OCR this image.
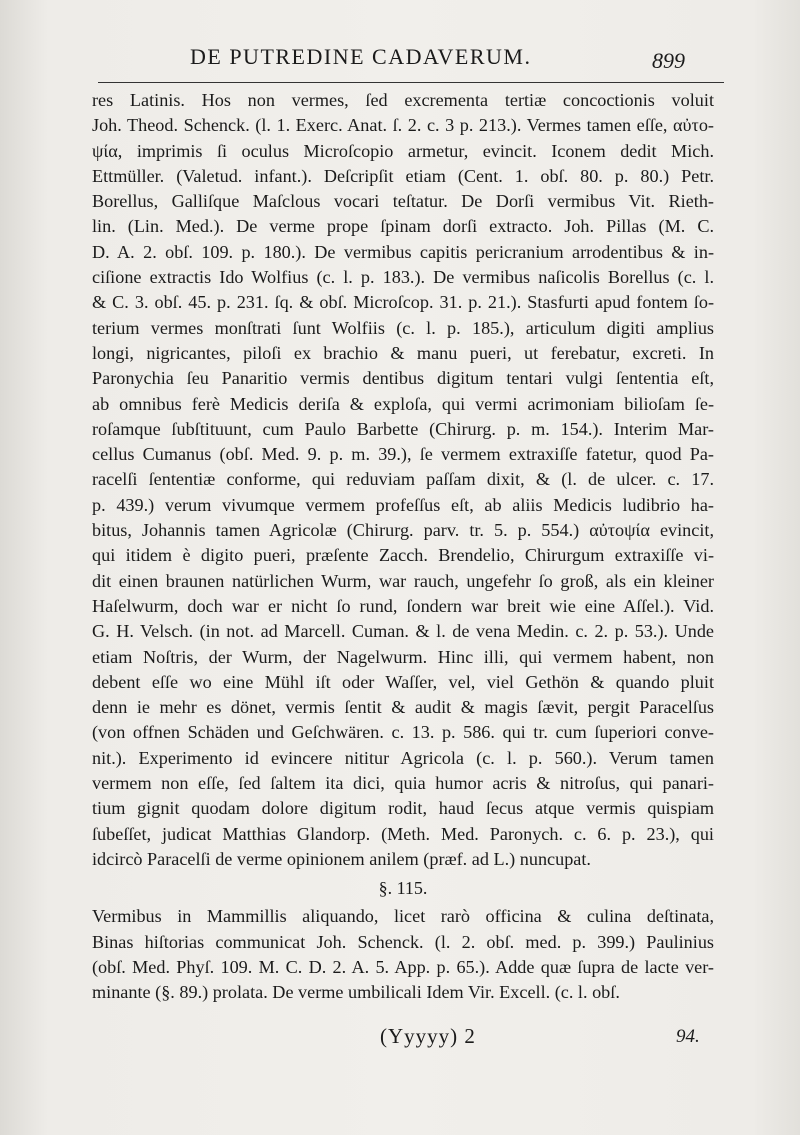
DE PUTREDINE CADAVERUM.	899
res Latinis. Hos non vermes, ſed excrementa tertiæ concoctionis voluit
Joh. Theod. Schenck. (l. 1. Exerc. Anat. ſ. 2. c. 3 p. 213.). Vermes tamen eſſe, αὐτο-
ψία, imprimis ſi oculus Microſcopio armetur, evincit. Iconem dedit Mich.
Ettmüller. (Valetud. infant.). Deſcripſit etiam (Cent. 1. obſ. 80. p. 80.) Petr.
Borellus, Galliſque Maſclous vocari teſtatur. De Dorſi vermibus Vit. Rieth-
lin. (Lin. Med.). De verme prope ſpinam dorſi extracto. Joh. Pillas (M. C.
D. A. 2. obſ. 109. p. 180.). De vermibus capitis pericranium arrodentibus & in-
ciſione extractis Ido Wolfius (c. l. p. 183.). De vermibus naſicolis Borellus (c. l.
& C. 3. obſ. 45. p. 231. ſq. & obſ. Microſcop. 31. p. 21.). Stasfurti apud fontem ſo-
terium vermes monſtrati ſunt Wolfiis (c. l. p. 185.), articulum digiti amplius
longi, nigricantes, piloſi ex brachio & manu pueri, ut ferebatur, excreti. In
Paronychia ſeu Panaritio vermis dentibus digitum tentari vulgi ſententia eſt,
ab omnibus ferè Medicis deriſa & exploſa, qui vermi acrimoniam bilioſam ſe-
roſamque ſubſtituunt, cum Paulo Barbette (Chirurg. p. m. 154.). Interim Mar-
cellus Cumanus (obſ. Med. 9. p. m. 39.), ſe vermem extraxiſſe fatetur, quod Pa-
racelſi ſententiæ conforme, qui reduviam paſſam dixit, & (l. de ulcer. c. 17.
p. 439.) verum vivumque vermem profeſſus eſt, ab aliis Medicis ludibrio ha-
bitus, Johannis tamen Agricolæ (Chirurg. parv. tr. 5. p. 554.) αὐτοψία evincit,
qui itidem è digito pueri, præſente Zacch. Brendelio, Chirurgum extraxiſſe vi-
dit einen braunen natürlichen Wurm, war rauch, ungefehr ſo groß, als ein kleiner
Haſelwurm, doch war er nicht ſo rund, ſondern war breit wie eine Aſſel.). Vid.
G. H. Velsch. (in not. ad Marcell. Cuman. & l. de vena Medin. c. 2. p. 53.). Unde
etiam Noſtris, der Wurm, der Nagelwurm. Hinc illi, qui vermem habent, non
debent eſſe wo eine Mühl iſt oder Waſſer, vel, viel Gethön & quando pluit
denn ie mehr es dönet, vermis ſentit & audit & magis ſævit, pergit Paracelſus
(von offnen Schäden und Geſchwären. c. 13. p. 586. qui tr. cum ſuperiori conve-
nit.). Experimento id evincere nititur Agricola (c. l. p. 560.). Verum tamen
vermem non eſſe, ſed ſaltem ita dici, quia humor acris & nitroſus, qui panari-
tium gignit quodam dolore digitum rodit, haud ſecus atque vermis quispiam
ſubeſſet, judicat Matthias Glandorp. (Meth. Med. Paronych. c. 6. p. 23.), qui
idcircò Paracelſi de verme opinionem anilem (præf. ad L.) nuncupat.
§. 115.
Vermibus in Mammillis aliquando, licet rarò officina & culina deſtinata,
Binas hiſtorias communicat Joh. Schenck. (l. 2. obſ. med. p. 399.) Paulinius
(obſ. Med. Phyſ. 109. M. C. D. 2. A. 5. App. p. 65.). Adde quæ ſupra de lacte ver-
minante (§. 89.) prolata. De verme umbilicali Idem Vir. Excell. (c. l. obſ.
(Yyyyy) 2	94.
